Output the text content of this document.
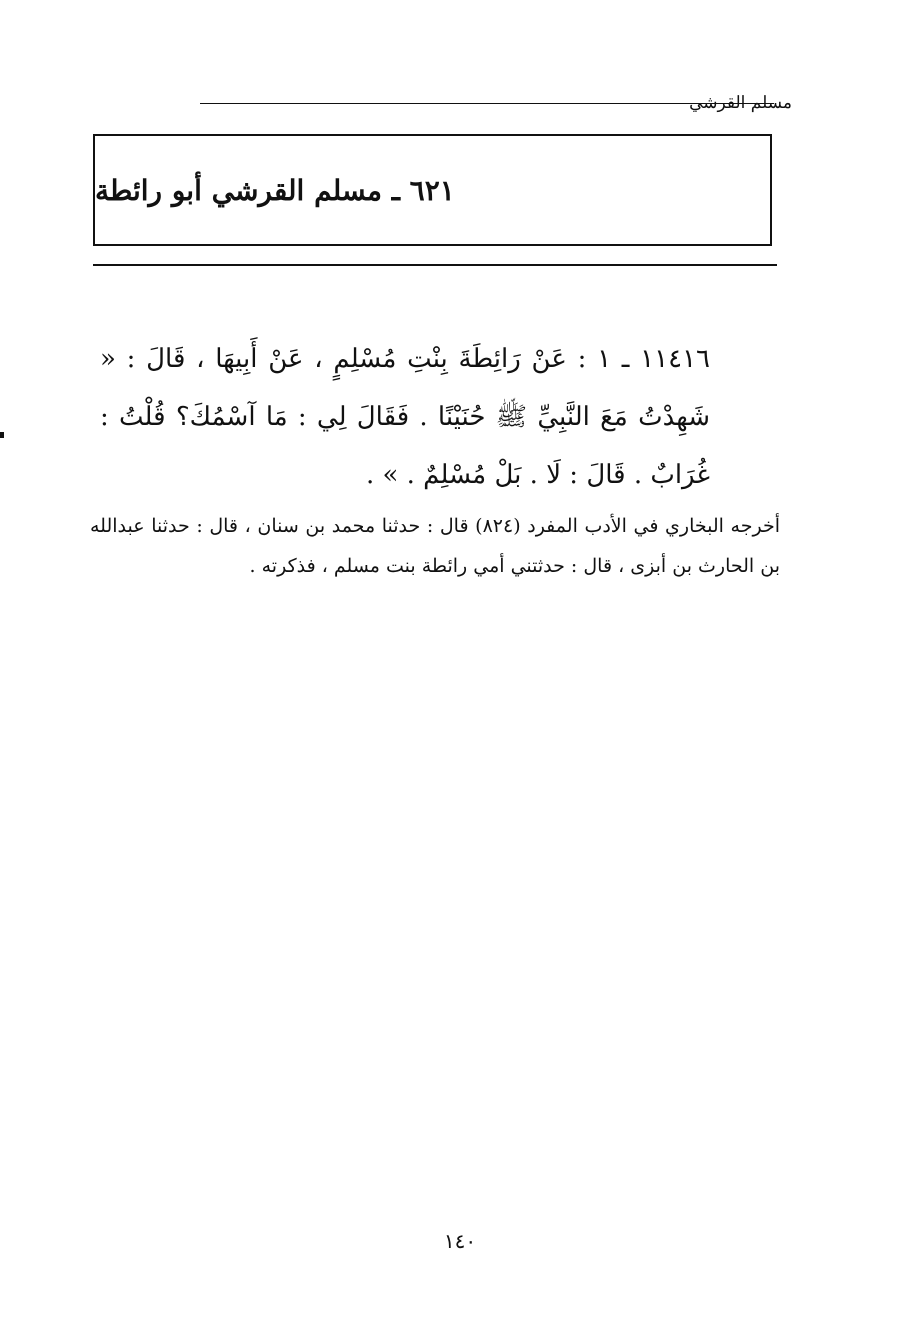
مسلم القرشي
٦٢١ ـ مسلم القرشي أبو رائطة
١١٤١٦ ـ ١ : عَنْ رَائِطَةَ بِنْتِ مُسْلِمٍ ، عَنْ أَبِيهَا ، قَالَ : « شَهِدْتُ مَعَ النَّبِيِّ ﷺ حُنَيْنًا . فَقَالَ لِي : مَا آسْمُكَ؟ قُلْتُ : غُرَابٌ . قَالَ : لَا . بَلْ مُسْلِمٌ . » .
أخرجه البخاري في الأدب المفرد (٨٢٤) قال : حدثنا محمد بن سنان ، قال : حدثنا عبدالله بن الحارث بن أبزى ، قال : حدثتني أمي رائطة بنت مسلم ، فذكرته .
١٤٠
